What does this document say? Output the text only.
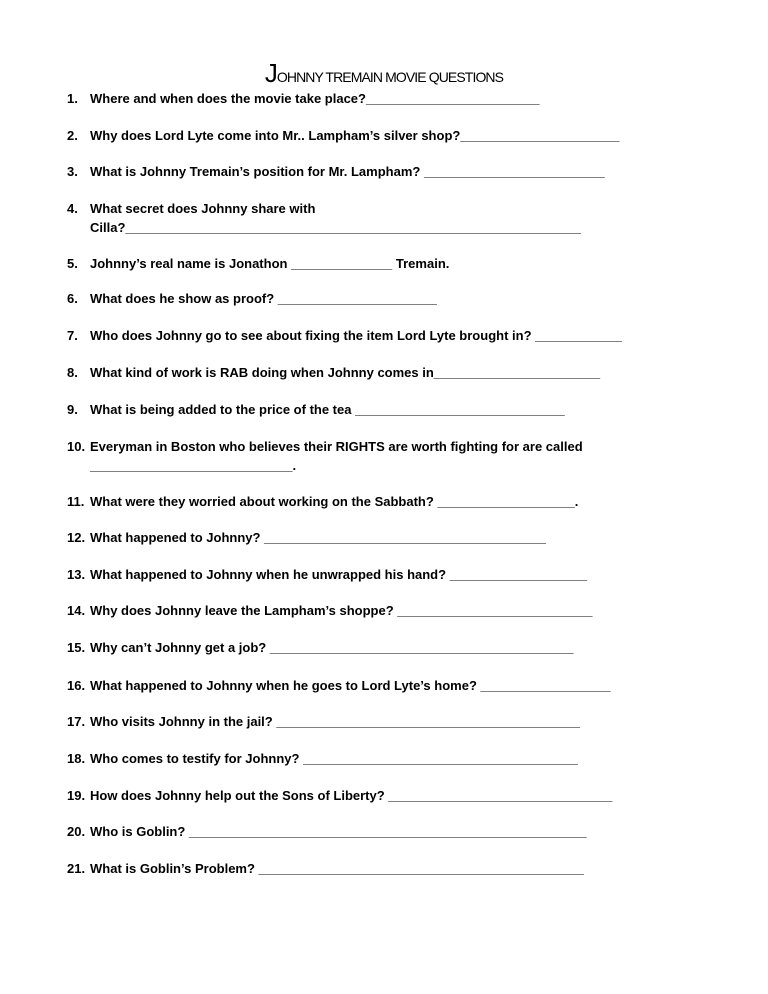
JOHNNY TREMAIN MOVIE QUESTIONS
1. Where and when does the movie take place?________________________
2. Why does Lord Lyte come into Mr.. Lampham’s silver shop?______________________
3. What is Johnny Tremain’s position for Mr. Lampham? _________________________
4. What secret does Johnny share with
Cilla?_______________________________________________________________
5. Johnny’s real name is Jonathon ______________ Tremain.
6. What does he show as proof? ______________________
7. Who does Johnny go to see about fixing the item Lord Lyte brought in? ____________
8. What kind of work is RAB doing when Johnny comes in_______________________
9. What is being added to the price of the tea _____________________________
10. Everyman in Boston who believes their RIGHTS are worth fighting for are called
____________________________.
11. What were they worried about working on the Sabbath? ___________________.
12. What happened to Johnny? _______________________________________
13. What happened to Johnny when he unwrapped his hand? ___________________
14. Why does Johnny leave the Lampham’s shoppe? ___________________________
15. Why can’t Johnny get a job? __________________________________________
16. What happened to Johnny when he goes to Lord Lyte’s home? __________________
17. Who visits Johnny in the jail? __________________________________________
18. Who comes to testify for Johnny? ______________________________________
19. How does Johnny help out the Sons of Liberty? _______________________________
20. Who is Goblin? _______________________________________________________
21. What is Goblin’s Problem? _____________________________________________
